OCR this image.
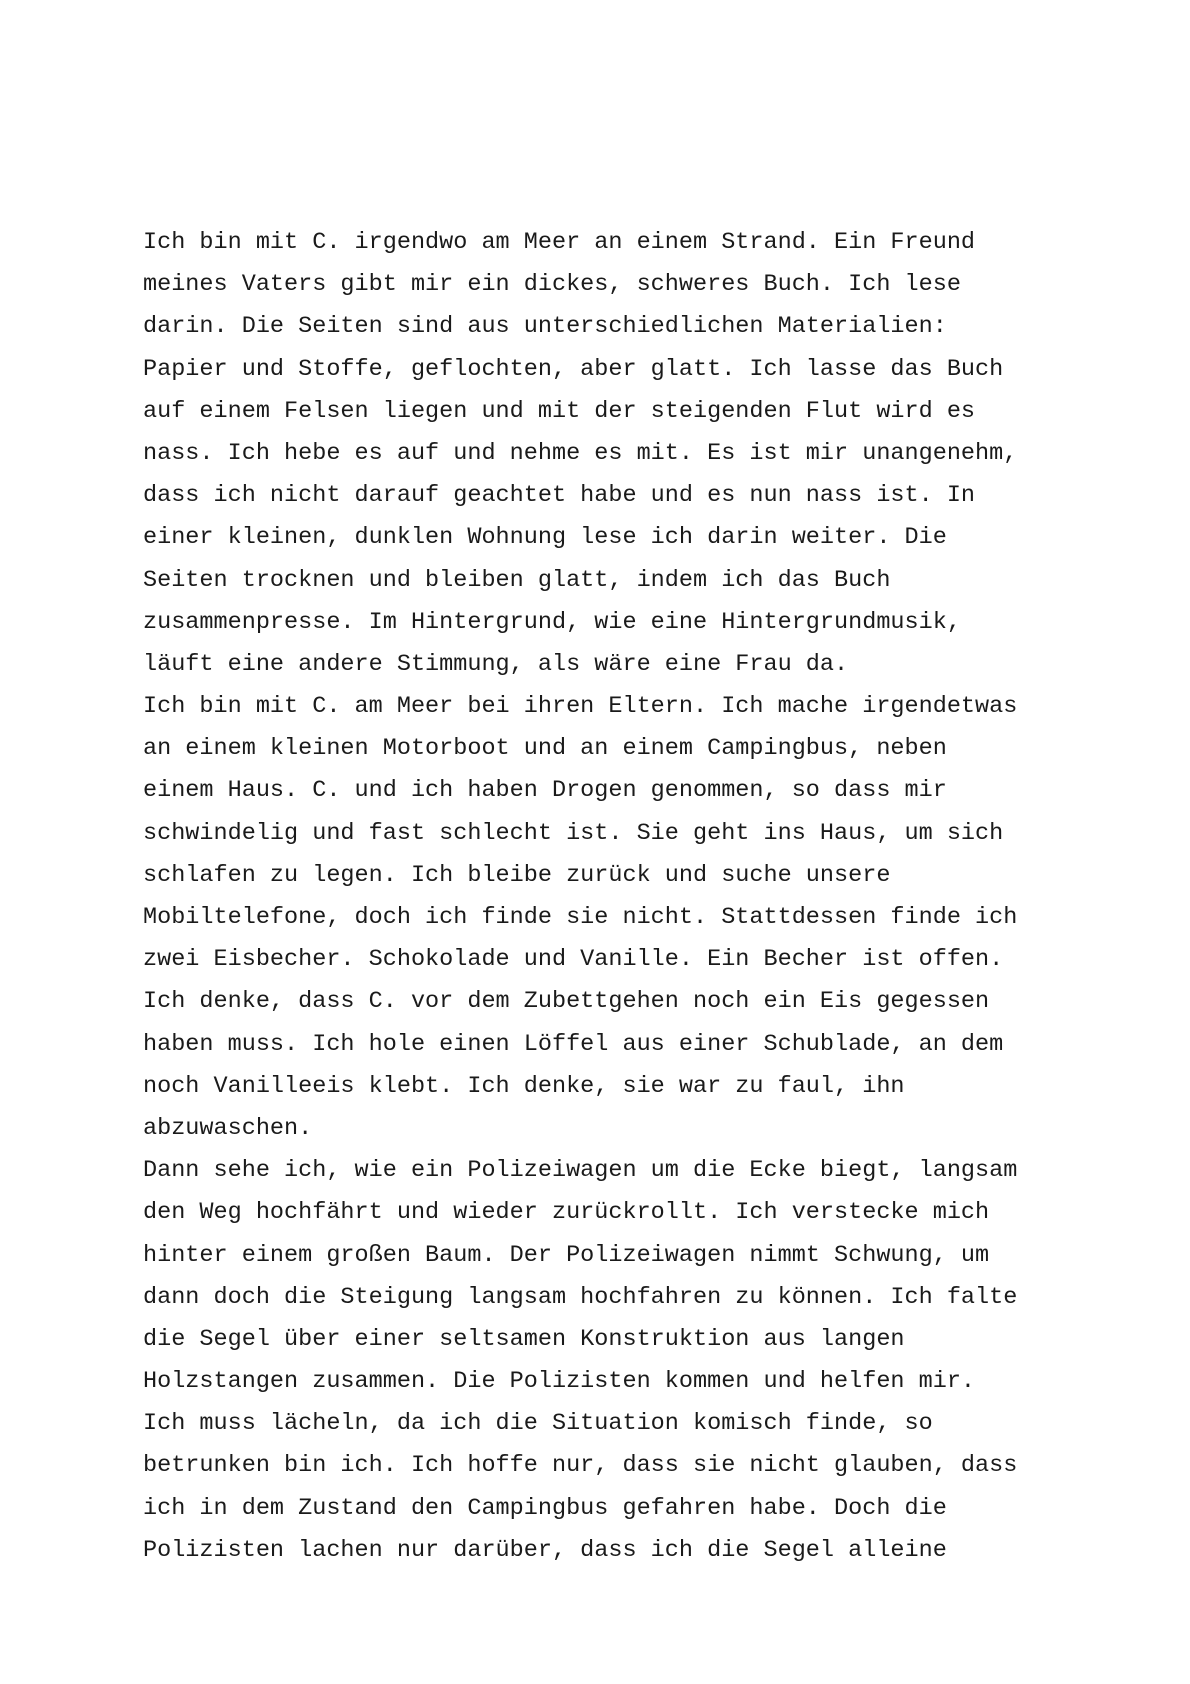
Ich bin mit C. irgendwo am Meer an einem Strand. Ein Freund
meines Vaters gibt mir ein dickes, schweres Buch. Ich lese
darin. Die Seiten sind aus unterschiedlichen Materialien:
Papier und Stoffe, geflochten, aber glatt. Ich lasse das Buch
auf einem Felsen liegen und mit der steigenden Flut wird es
nass. Ich hebe es auf und nehme es mit. Es ist mir unangenehm,
dass ich nicht darauf geachtet habe und es nun nass ist. In
einer kleinen, dunklen Wohnung lese ich darin weiter. Die
Seiten trocknen und bleiben glatt, indem ich das Buch
zusammenpresse. Im Hintergrund, wie eine Hintergrundmusik,
läuft eine andere Stimmung, als wäre eine Frau da.
Ich bin mit C. am Meer bei ihren Eltern. Ich mache irgendetwas
an einem kleinen Motorboot und an einem Campingbus, neben
einem Haus. C. und ich haben Drogen genommen, so dass mir
schwindelig und fast schlecht ist. Sie geht ins Haus, um sich
schlafen zu legen. Ich bleibe zurück und suche unsere
Mobiltelefone, doch ich finde sie nicht. Stattdessen finde ich
zwei Eisbecher. Schokolade und Vanille. Ein Becher ist offen.
Ich denke, dass C. vor dem Zubettgehen noch ein Eis gegessen
haben muss. Ich hole einen Löffel aus einer Schublade, an dem
noch Vanilleeis klebt. Ich denke, sie war zu faul, ihn
abzuwaschen.
Dann sehe ich, wie ein Polizeiwagen um die Ecke biegt, langsam
den Weg hochfährt und wieder zurückrollt. Ich verstecke mich
hinter einem großen Baum. Der Polizeiwagen nimmt Schwung, um
dann doch die Steigung langsam hochfahren zu können. Ich falte
die Segel über einer seltsamen Konstruktion aus langen
Holzstangen zusammen. Die Polizisten kommen und helfen mir.
Ich muss lächeln, da ich die Situation komisch finde, so
betrunken bin ich. Ich hoffe nur, dass sie nicht glauben, dass
ich in dem Zustand den Campingbus gefahren habe. Doch die
Polizisten lachen nur darüber, dass ich die Segel alleine
